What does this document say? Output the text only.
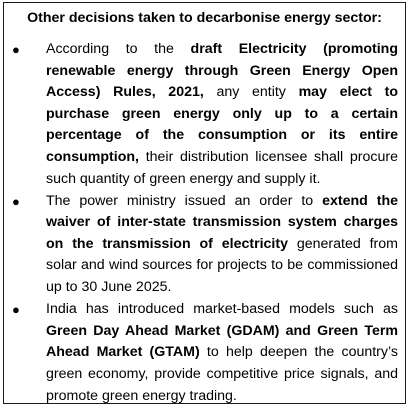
Other decisions taken to decarbonise energy sector:
● According to the draft Electricity (promoting renewable energy through Green Energy Open Access) Rules, 2021, any entity may elect to purchase green energy only up to a certain percentage of the consumption or its entire consumption, their distribution licensee shall procure such quantity of green energy and supply it.
● The power ministry issued an order to extend the waiver of inter-state transmission system charges on the transmission of electricity generated from solar and wind sources for projects to be commissioned up to 30 June 2025.
● India has introduced market-based models such as Green Day Ahead Market (GDAM) and Green Term Ahead Market (GTAM) to help deepen the country’s green economy, provide competitive price signals, and promote green energy trading.
